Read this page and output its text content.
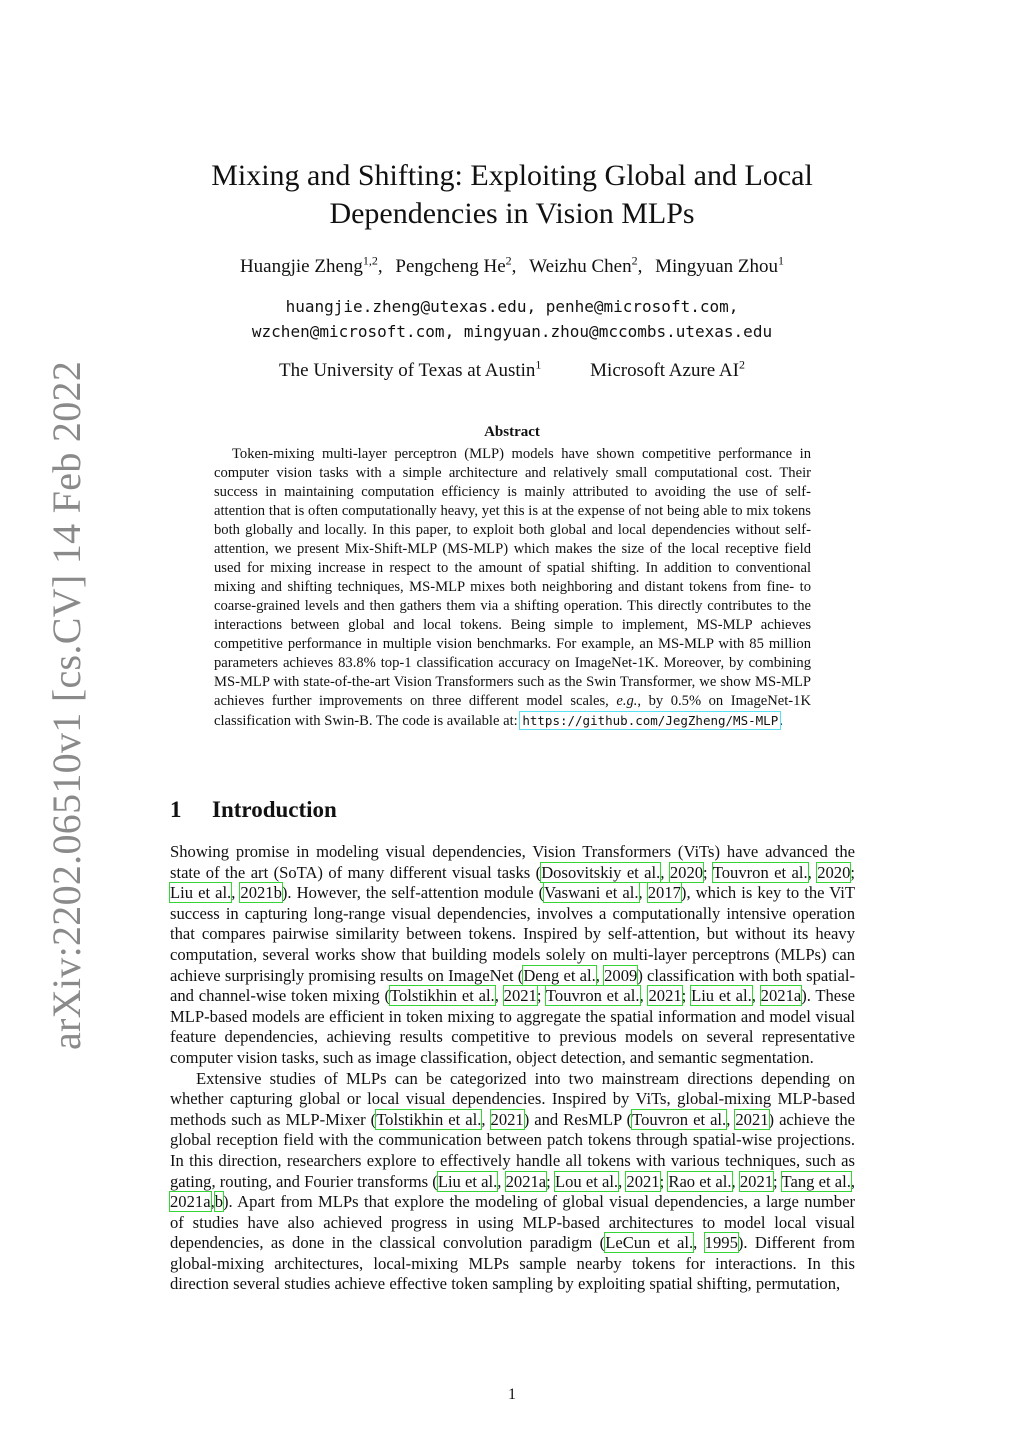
arXiv:2202.06510v1 [cs.CV] 14 Feb 2022
Mixing and Shifting: Exploiting Global and Local Dependencies in Vision MLPs
Huangjie Zheng$^{1,2}$, Pengcheng He$^2$, Weizhu Chen$^2$, Mingyuan Zhou$^1$
huangjie.zheng@utexas.edu, penhe@microsoft.com,
wzchen@microsoft.com, mingyuan.zhou@mccombs.utexas.edu
The University of Texas at Austin$^1$	Microsoft Azure $AI^2$
Abstract

Token-mixing multi-layer perceptron (MLP) models have shown competitive performance in computer vision tasks with a simple architecture and relatively small computational cost. Their success in maintaining computation efficiency is mainly attributed to avoiding the use of self-attention that is often computationally heavy, yet this is at the expense of not being able to mix tokens both globally and locally. In this paper, to exploit both global and local dependencies without self-attention, we present Mix-Shift-MLP (MS-MLP) which makes the size of the local receptive field used for mixing increase in respect to the amount of spatial shifting. In addition to conventional mixing and shifting techniques, MS-MLP mixes both neighboring and distant tokens from fine- to coarse-grained levels and then gathers them via a shifting operation. This directly contributes to the interactions between global and local tokens. Being simple to implement, MS-MLP achieves competitive performance in multiple vision benchmarks. For example, an MS-MLP with 85 million parameters achieves 83.8% top-1 classification accuracy on ImageNet-1K. Moreover, by combining MS-MLP with state-of-the-art Vision Transformers such as the Swin Transformer, we show MS-MLP achieves further improvements on three different model scales, e.g., by 0.5% on ImageNet-1K classification with Swin-B. The code is available at: https://github.com/JegZheng/MS-MLP.

1 Introduction

Showing promise in modeling visual dependencies, Vision Transformers (ViTs) have advanced the state of the art (SoTA) of many different visual tasks (Dosovitskiy et al., 2020; Touvron et al., 2020; Liu et al., 2021b). However, the self-attention module (Vaswani et al., 2017), which is key to the ViT success in capturing long-range visual dependencies, involves a computationally intensive operation that compares pairwise similarity between tokens. Inspired by self-attention, but without its heavy computation, several works show that building models solely on multi-layer perceptrons (MLPs) can achieve surprisingly promising results on ImageNet (Deng et al., 2009) classification with both spatial- and channel-wise token mixing (Tolstikhin et al., 2021; Touvron et al., 2021; Liu et al., 2021a). These MLP-based models are efficient in token mixing to aggregate the spatial information and model visual feature dependencies, achieving results competitive to previous models on several representative computer vision tasks, such as image classification, object detection, and semantic segmentation.

Extensive studies of MLPs can be categorized into two mainstream directions depending on whether capturing global or local visual dependencies. Inspired by ViTs, global-mixing MLP-based methods such as MLP-Mixer (Tolstikhin et al., 2021) and ResMLP (Touvron et al., 2021) achieve the global reception field with the communication between patch tokens through spatial-wise projections. In this direction, researchers explore to effectively handle all tokens with various techniques, such as gating, routing, and Fourier transforms (Liu et al., 2021a; Lou et al., 2021; Rao et al., 2021; Tang et al., 2021a,b). Apart from MLPs that explore the modeling of global visual dependencies, a large number of studies have also achieved progress in using MLP-based architectures to model local visual dependencies, as done in the classical convolution paradigm (LeCun et al., 1995). Different from global-mixing architectures, local-mixing MLPs sample nearby tokens for interactions. In this direction several studies achieve effective token sampling by exploiting spatial shifting, permutation,

1
